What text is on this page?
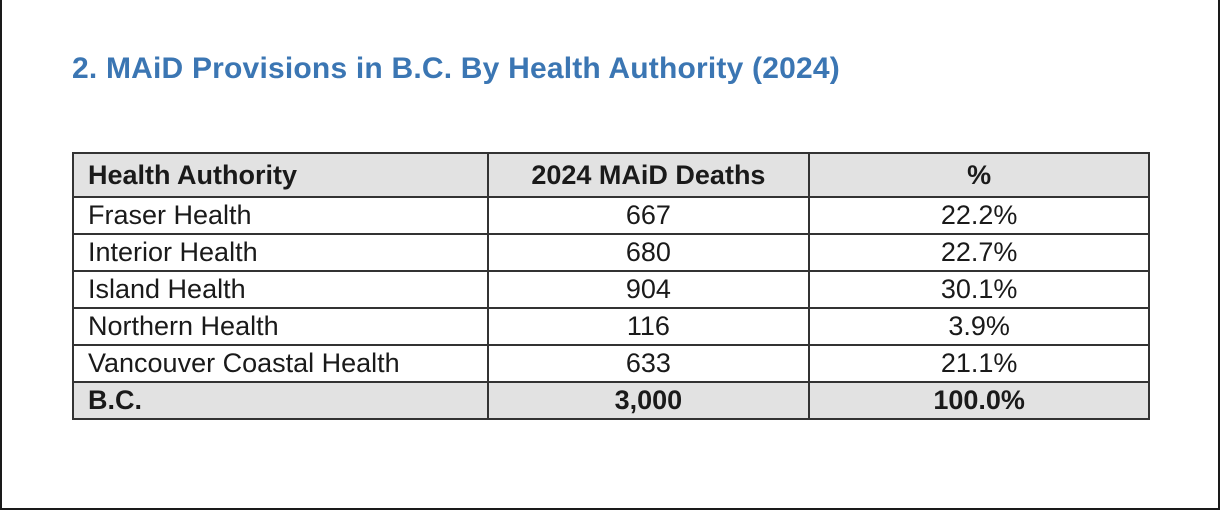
2. MAiD Provisions in B.C. By Health Authority (2024)
Health Authority	2024 MAiD Deaths	%
Fraser Health	667	22.2%
Interior Health	680	22.7%
Island Health	904	30.1%
Northern Health	116	3.9%
Vancouver Coastal Health	633	21.1%
B.C.	3,000	100.0%
